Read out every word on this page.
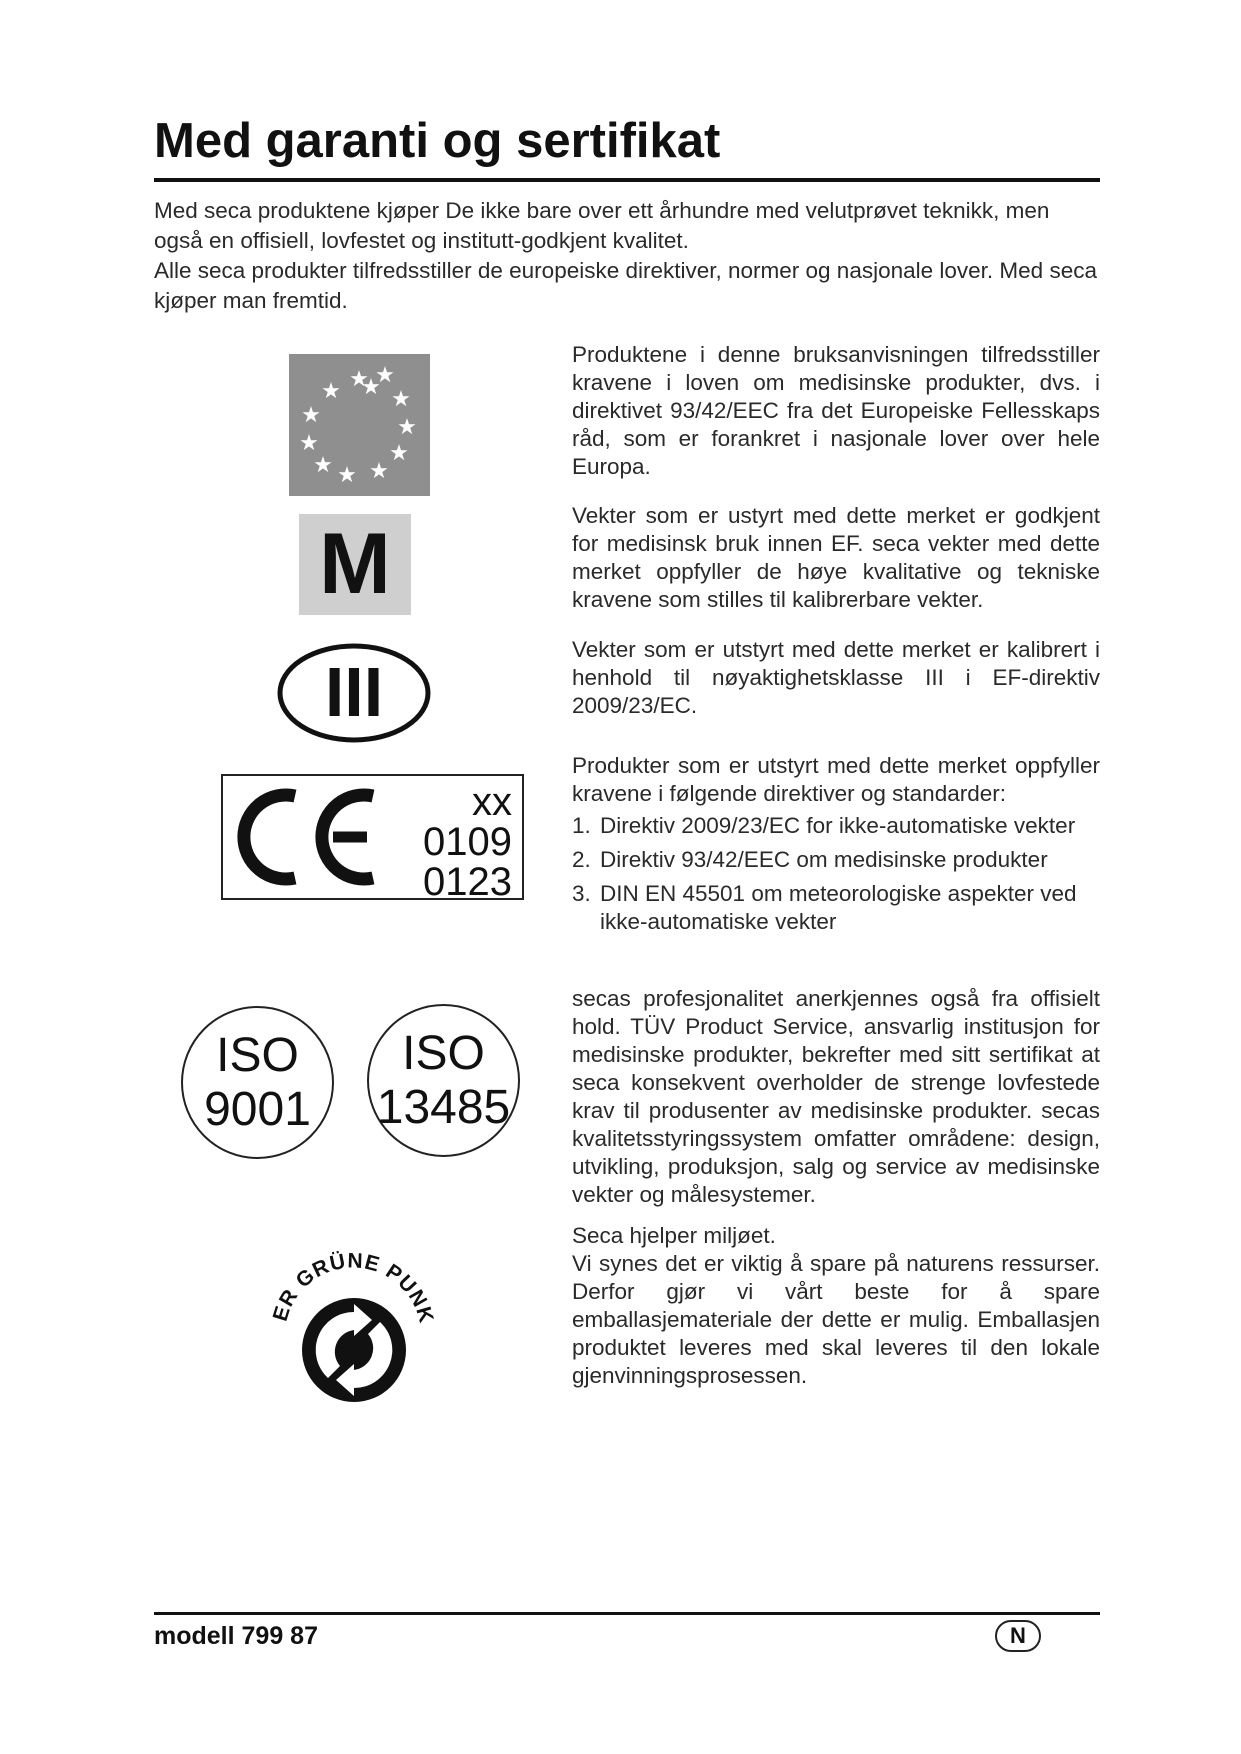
Med garanti og sertifikat

Med seca produktene kjøper De ikke bare over ett århundre med velutprøvet teknikk, men også en offisiell, lovfestet og institutt-godkjent kvalitet.

Alle seca produkter tilfredsstiller de europeiske direktiver, normer og nasjonale lover. Med seca kjøper man fremtid.

★ ★
★
★
★
★
★
★
★
★
★ ★
M
III
xx
0109
0123
ISO
9001
ISO
13485
ER GRÜNE PUNK

Produktene i denne bruksanvisningen tilfredsstiller kravene i loven om medisinske produkter, dvs. i direktivet 93/42/EEC fra det Europeiske Fellesskaps råd, som er forankret i nasjonale lover over hele Europa.

Vekter som er ustyrt med dette merket er godkjent for medisinsk bruk innen EF. seca vekter med dette merket oppfyller de høye kvalitative og tekniske kravene som stilles til kalibrerbare vekter.

Vekter som er utstyrt med dette merket er kalibrert i henhold til nøyaktighetsklasse III i EF-direktiv 2009/23/EC.

Produkter som er utstyrt med dette merket oppfyller kravene i følgende direktiver og standarder:

1. Direktiv 2009/23/EC for ikke-automatiske vekter
2. Direktiv 93/42/EEC om medisinske produkter
3. DIN EN 45501 om meteorologiske aspekter ved ikke-automatiske vekter

secas profesjonalitet anerkjennes også fra offisielt hold. TÜV Product Service, ansvarlig institusjon for medisinske produkter, bekrefter med sitt sertifikat at seca konsekvent overholder de strenge lovfestede krav til produsenter av medisinske produkter. secas kvalitetsstyringssystem omfatter områdene: design, utvikling, produksjon, salg og service av medisinske vekter og målesystemer.

Seca hjelper miljøet.

Vi synes det er viktig å spare på naturens ressurser. Derfor gjør vi vårt beste for å spare emballasjemateriale der dette er mulig. Emballasjen produktet leveres med skal leveres til den lokale gjenvinningsprosessen.

modell 799 87	N
